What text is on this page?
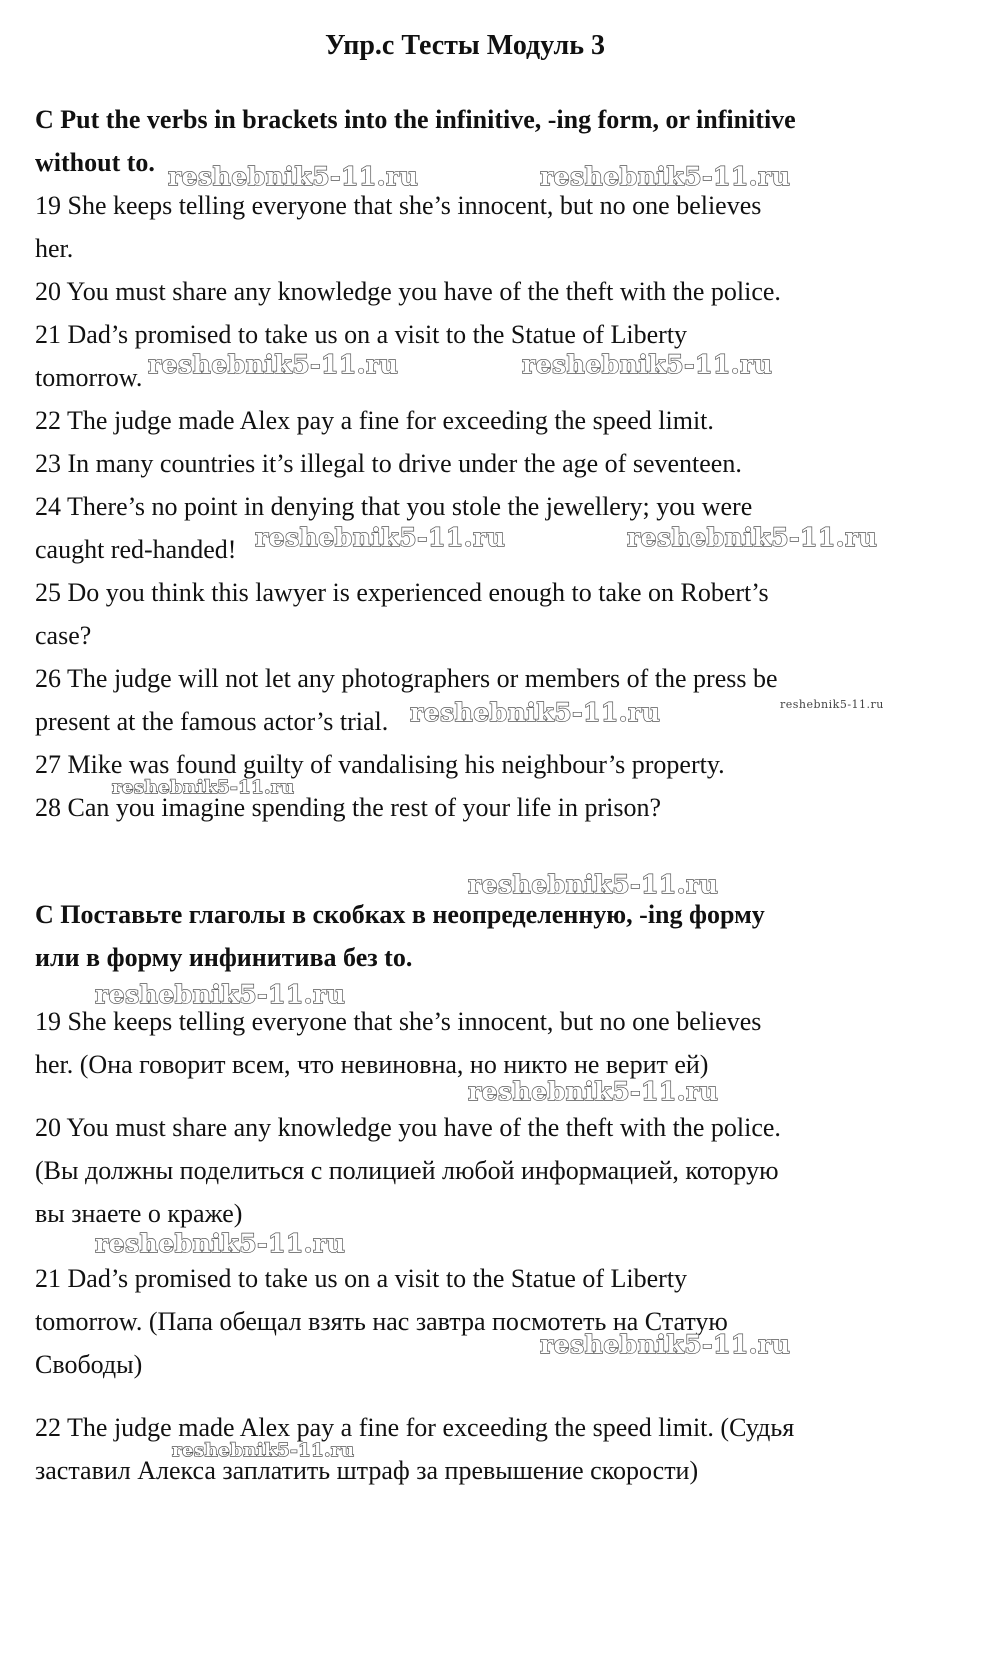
Упр.с Тесты Модуль 3
C Put the verbs in brackets into the infinitive, -ing form, or infinitive
without to.
19 She keeps telling everyone that she’s innocent, but no one believes
her.
20 You must share any knowledge you have of the theft with the police.
21 Dad’s promised to take us on a visit to the Statue of Liberty
tomorrow.
22 The judge made Alex pay a fine for exceeding the speed limit.
23 In many countries it’s illegal to drive under the age of seventeen.
24 There’s no point in denying that you stole the jewellery; you were
caught red-handed!
25 Do you think this lawyer is experienced enough to take on Robert’s
case?
26 The judge will not let any photographers or members of the press be
present at the famous actor’s trial.
27 Mike was found guilty of vandalising his neighbour’s property.
28 Can you imagine spending the rest of your life in prison?
C Поставьте глаголы в скобках в неопределенную, -ing форму
или в форму инфинитива без to.
19 She keeps telling everyone that she’s innocent, but no one believes
her. (Она говорит всем, что невиновна, но никто не верит ей)
20 You must share any knowledge you have of the theft with the police.
(Вы должны поделиться с полицией любой информацией, которую
вы знаете о краже)
21 Dad’s promised to take us on a visit to the Statue of Liberty
tomorrow. (Папа обещал взять нас завтра посмотеть на Статую
Свободы)
22 The judge made Alex pay a fine for exceeding the speed limit. (Судья
заставил Алекса заплатить штраф за превышение скорости)
reshebnik5-11.ru	reshebnik5-11.ru
reshebnik5-11.ru	reshebnik5-11.ru
reshebnik5-11.ru	reshebnik5-11.ru
reshebnik5-11.ru	reshebnik5-11.ru
reshebnik5-11.ru
reshebnik5-11.ru
reshebnik5-11.ru
reshebnik5-11.ru
reshebnik5-11.ru
reshebnik5-11.ru
reshebnik5-11.ru
